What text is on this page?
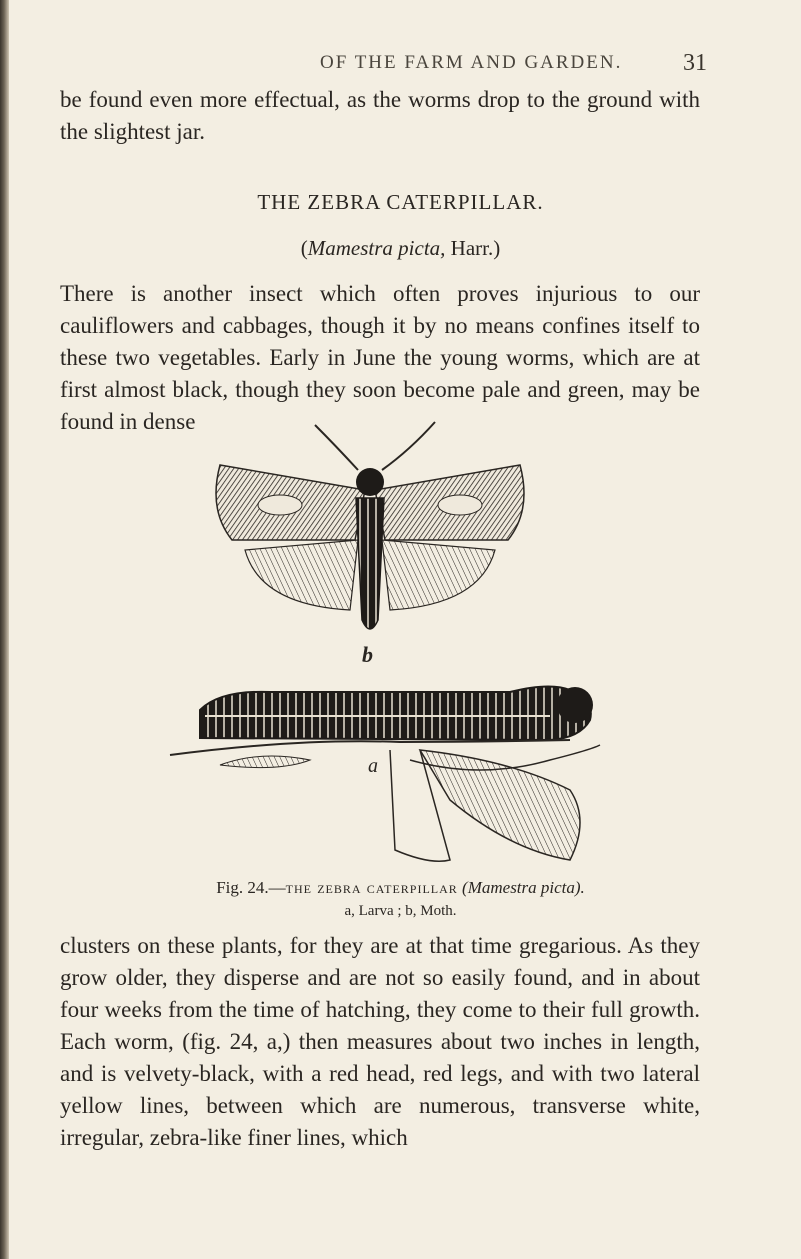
OF THE FARM AND GARDEN.	31

be found even more effectual, as the worms drop to the ground with the slightest jar.

THE ZEBRA CATERPILLAR.
(Mamestra picta, Harr.)

There is another insect which often proves injurious to our cauliflowers and cabbages, though it by no means confines itself to these two vegetables. Early in June the young worms, which are at first almost black, though they soon become pale and green, may be found in dense

b
a
Fig. 24.—the zebra caterpillar (Mamestra picta).
a, Larva ; b, Moth.

clusters on these plants, for they are at that time gregarious. As they grow older, they disperse and are not so easily found, and in about four weeks from the time of hatching, they come to their full growth. Each worm, (fig. 24, a,) then measures about two inches in length, and is velvety-black, with a red head, red legs, and with two lateral yellow lines, between which are numerous, transverse white, irregular, zebra-like finer lines, which
